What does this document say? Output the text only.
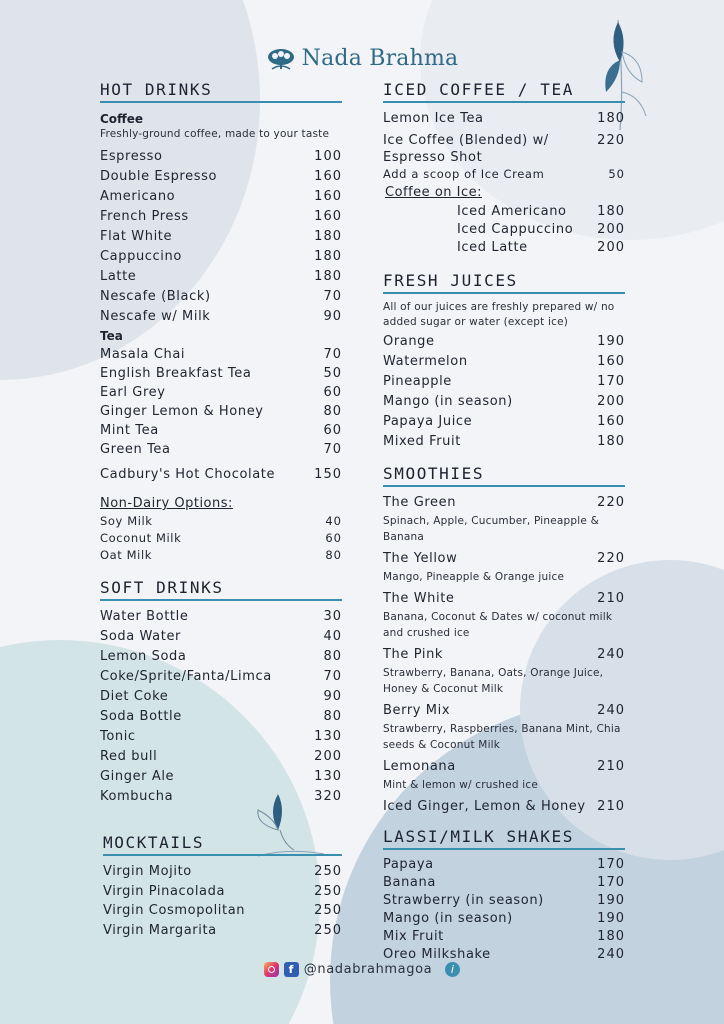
Nada Brahma
HOT DRINKS
Coffee
Freshly-ground coffee, made to your taste
Espresso	100
Double Espresso	160
Americano	160
French Press	160
Flat White	180
Cappuccino	180
Latte	180
Nescafe (Black)	70
Nescafe w/ Milk	90
Tea
Masala Chai	70
English Breakfast Tea	50
Earl Grey	60
Ginger Lemon & Honey	80
Mint Tea	60
Green Tea	70
Cadbury's Hot Chocolate	150
Non-Dairy Options:
Soy Milk	40
Coconut Milk	60
Oat Milk	80
SOFT DRINKS
Water Bottle	30
Soda Water	40
Lemon Soda	80
Coke/Sprite/Fanta/Limca	70
Diet Coke	90
Soda Bottle	80
Tonic	130
Red bull	200
Ginger Ale	130
Kombucha	320
MOCKTAILS
Virgin Mojito	250
Virgin Pinacolada	250
Virgin Cosmopolitan	250
Virgin Margarita	250
ICED COFFEE / TEA
Lemon Ice Tea	180
Ice Coffee (Blended) w/ Espresso Shot
220
Add a scoop of Ice Cream	50
Coffee on Ice:
Iced Americano 180
Iced Cappuccino 200
Iced Latte	200
FRESH JUICES
All of our juices are freshly prepared w/ no added sugar or water (except ice)
Orange	190
Watermelon	160
Pineapple	170
Mango (in season)	200
Papaya Juice	160
Mixed Fruit	180
SMOOTHIES
The Green	220
Spinach, Apple, Cucumber, Pineapple & Banana
The Yellow	220
Mango, Pineapple & Orange juice
The White	210
Banana, Coconut & Dates w/ coconut milk and crushed ice
The Pink	240
Strawberry, Banana, Oats, Orange Juice, Honey & Coconut Milk
Berry Mix	240
Strawberry, Raspberries, Banana Mint, Chia seeds & Coconut Milk
Lemonana	210
Mint & lemon w/ crushed ice
Iced Ginger, Lemon & Honey 210
LASSI/MILK SHAKES
Papaya	170
Banana	170
Strawberry (in season)	190
Mango (in season)	190
Mix Fruit	180
Oreo Milkshake	240
f @nadabrahmagoa	i
